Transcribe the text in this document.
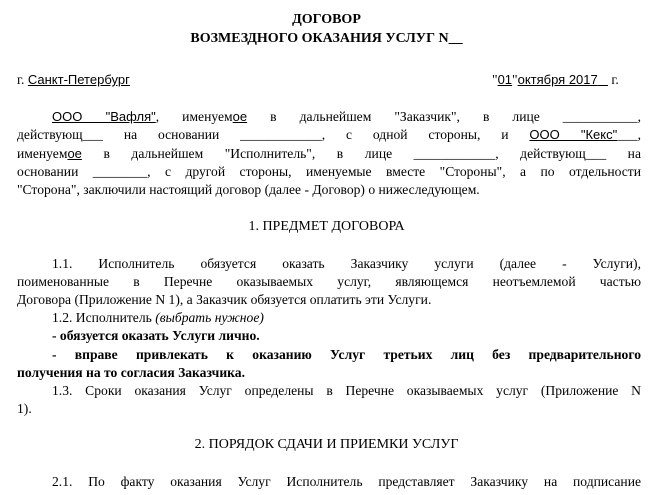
ДОГОВОР
ВОЗМЕЗДНОГО ОКАЗАНИЯ УСЛУГ N__
г. Санкт-Петербург	"01"октября 2017 г.
ООО "Вафля", именуемое в дальнейшем "Заказчик", в лице ___________,
действующ___ на основании ____________, с одной стороны, и ООО "Кекс"___,
именуемое в дальнейшем "Исполнитель", в лице ____________, действующ___ на
основании ________, с другой стороны, именуемые вместе "Стороны", а по отдельности
"Сторона", заключили настоящий договор (далее - Договор) о нижеследующем.
1. ПРЕДМЕТ ДОГОВОРА
1.1. Исполнитель обязуется оказать Заказчику услуги (далее - Услуги),
поименованные в Перечне оказываемых услуг, являющемся неотъемлемой частью
Договора (Приложение N 1), а Заказчик обязуется оплатить эти Услуги.
1.2. Исполнитель (выбрать нужное)
- обязуется оказать Услуги лично.
- вправе привлекать к оказанию Услуг третьих лиц без предварительного
получения на то согласия Заказчика.
1.3. Сроки оказания Услуг определены в Перечне оказываемых услуг (Приложение N
1).
2. ПОРЯДОК СДАЧИ И ПРИЕМКИ УСЛУГ
2.1. По факту оказания Услуг Исполнитель представляет Заказчику на подписание
